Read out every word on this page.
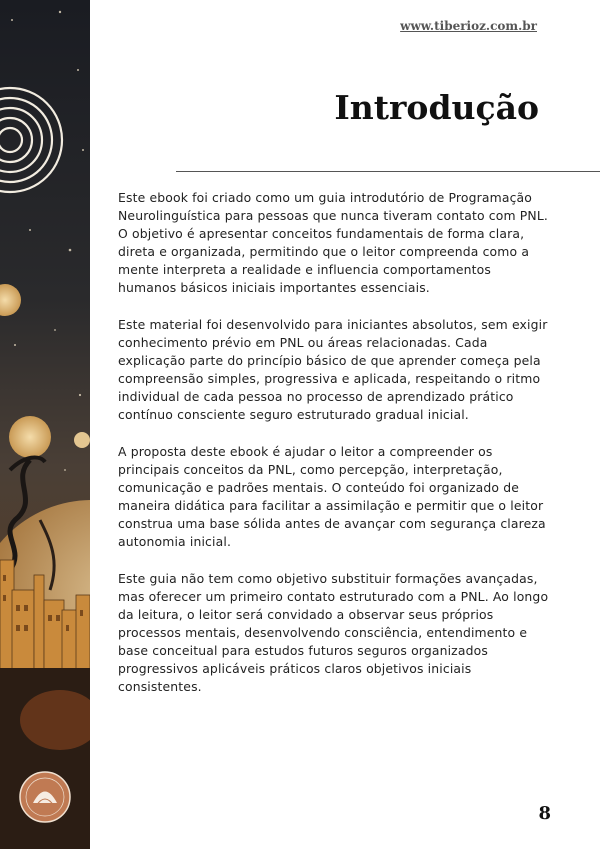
www.tiberioz.com.br
Introdução

Este ebook foi criado como um guia introdutório de Programação Neurolinguística para pessoas que nunca tiveram contato com PNL. O objetivo é apresentar conceitos fundamentais de forma clara, direta e organizada, permitindo que o leitor compreenda como a mente interpreta a realidade e influencia comportamentos humanos básicos iniciais importantes essenciais.

Este material foi desenvolvido para iniciantes absolutos, sem exigir conhecimento prévio em PNL ou áreas relacionadas. Cada explicação parte do princípio básico de que aprender começa pela compreensão simples, progressiva e aplicada, respeitando o ritmo individual de cada pessoa no processo de aprendizado prático contínuo consciente seguro estruturado gradual inicial.

A proposta deste ebook é ajudar o leitor a compreender os principais conceitos da PNL, como percepção, interpretação, comunicação e padrões mentais. O conteúdo foi organizado de maneira didática para facilitar a assimilação e permitir que o leitor construa uma base sólida antes de avançar com segurança clareza autonomia inicial.

Este guia não tem como objetivo substituir formações avançadas, mas oferecer um primeiro contato estruturado com a PNL. Ao longo da leitura, o leitor será convidado a observar seus próprios processos mentais, desenvolvendo consciência, entendimento e base conceitual para estudos futuros seguros organizados progressivos aplicáveis práticos claros objetivos iniciais consistentes.

8
